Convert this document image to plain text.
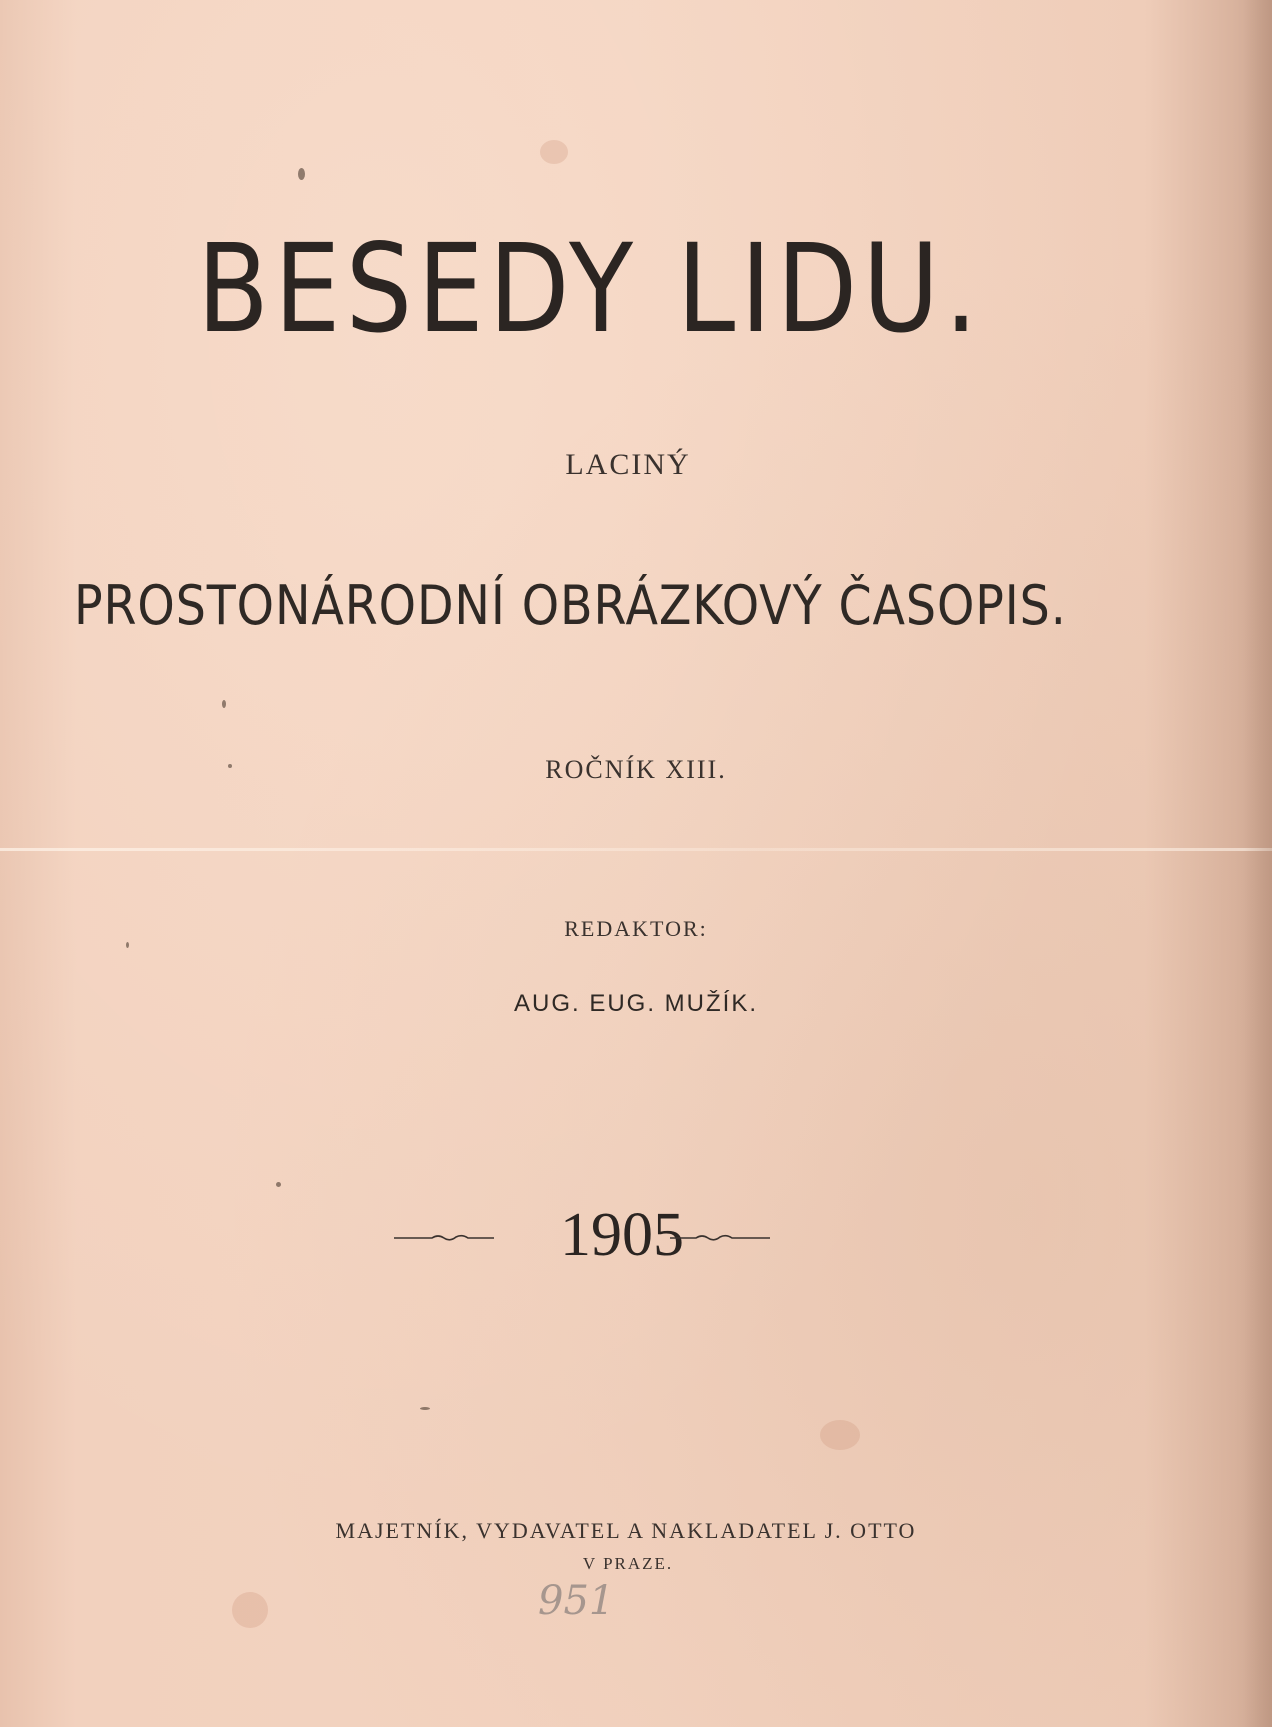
BESEDY LIDU.
LACINÝ
PROSTONÁRODNÍ OBRÁZKOVÝ ČASOPIS.
ROČNÍK XIII.
REDAKTOR:
AUG. EUG. MUŽÍK.
1905
MAJETNÍK, VYDAVATEL A NAKLADATEL J. OTTO
V PRAZE.
951
